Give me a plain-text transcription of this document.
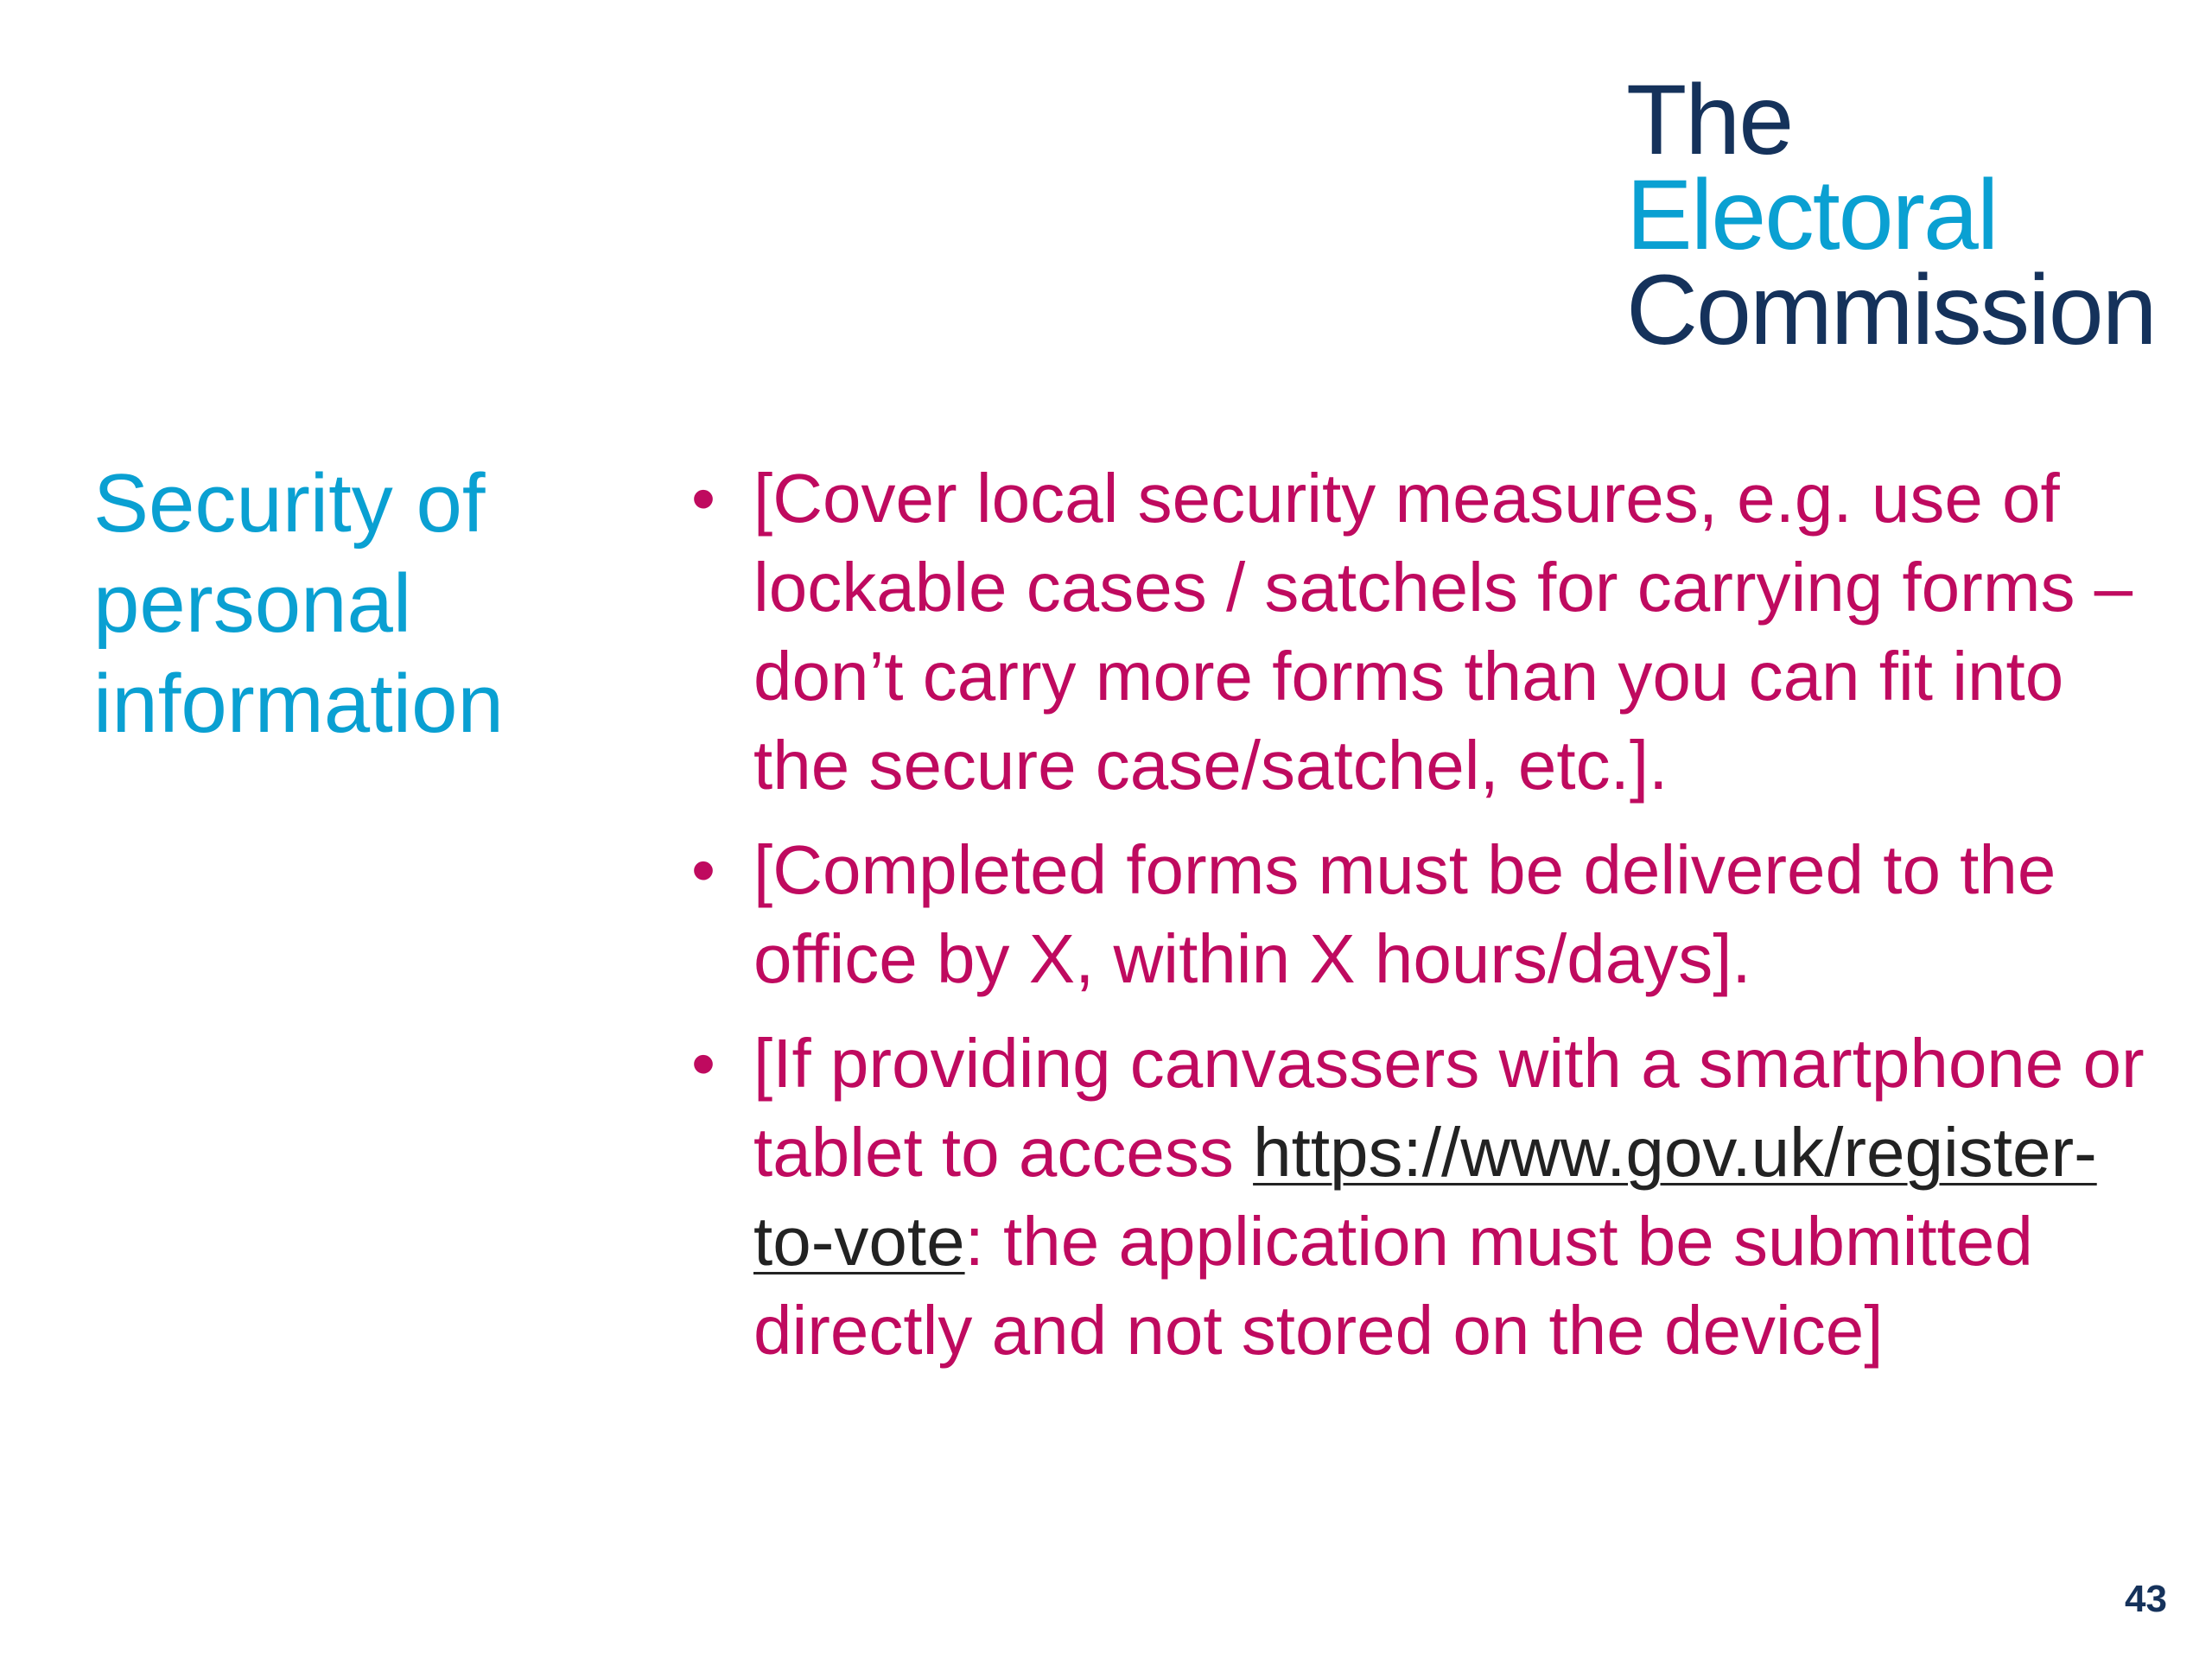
The
Electoral
Commission
Security of
personal
information
• [Cover local security measures, e.g. use of lockable cases / satchels for carrying forms – don’t carry more forms than you can fit into the secure case/satchel, etc.].
• [Completed forms must be delivered to the office by X, within X hours/days].
• [If providing canvassers with a smartphone or tablet to access https://www.gov.uk/register-to-vote: the application must be submitted directly and not stored on the device]
43
